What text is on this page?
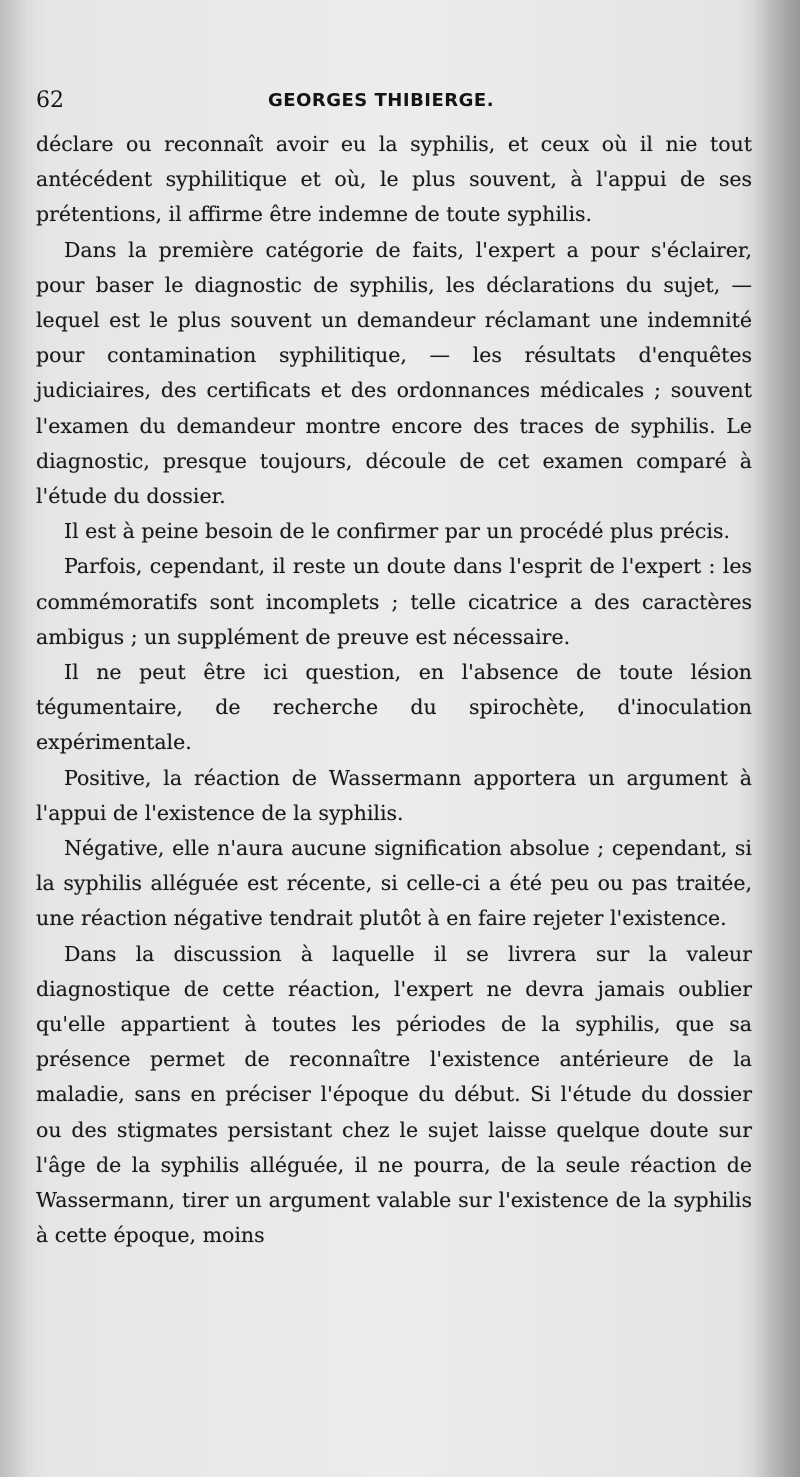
62	GEORGES THIBIERGE.

déclare ou reconnaît avoir eu la syphilis, et ceux où il nie tout antécédent syphilitique et où, le plus souvent, à l'appui de ses prétentions, il affirme être indemne de toute syphilis.

Dans la première catégorie de faits, l'expert a pour s'éclairer, pour baser le diagnostic de syphilis, les déclarations du sujet, — lequel est le plus souvent un demandeur réclamant une indemnité pour contamination syphilitique, — les résultats d'enquêtes judiciaires, des certificats et des ordonnances médicales ; souvent l'examen du demandeur montre encore des traces de syphilis. Le diagnostic, presque toujours, découle de cet examen comparé à l'étude du dossier.

Il est à peine besoin de le confirmer par un procédé plus précis.

Parfois, cependant, il reste un doute dans l'esprit de l'expert : les commémoratifs sont incomplets ; telle cicatrice a des caractères ambigus ; un supplément de preuve est nécessaire.

Il ne peut être ici question, en l'absence de toute lésion tégumentaire, de recherche du spirochète, d'inoculation expérimentale.

Positive, la réaction de Wassermann apportera un argument à l'appui de l'existence de la syphilis.

Négative, elle n'aura aucune signification absolue ; cependant, si la syphilis alléguée est récente, si celle-ci a été peu ou pas traitée, une réaction négative tendrait plutôt à en faire rejeter l'existence.

Dans la discussion à laquelle il se livrera sur la valeur diagnostique de cette réaction, l'expert ne devra jamais oublier qu'elle appartient à toutes les périodes de la syphilis, que sa présence permet de reconnaître l'existence antérieure de la maladie, sans en préciser l'époque du début. Si l'étude du dossier ou des stigmates persistant chez le sujet laisse quelque doute sur l'âge de la syphilis alléguée, il ne pourra, de la seule réaction de Wassermann, tirer un argument valable sur l'existence de la syphilis à cette époque, moins
